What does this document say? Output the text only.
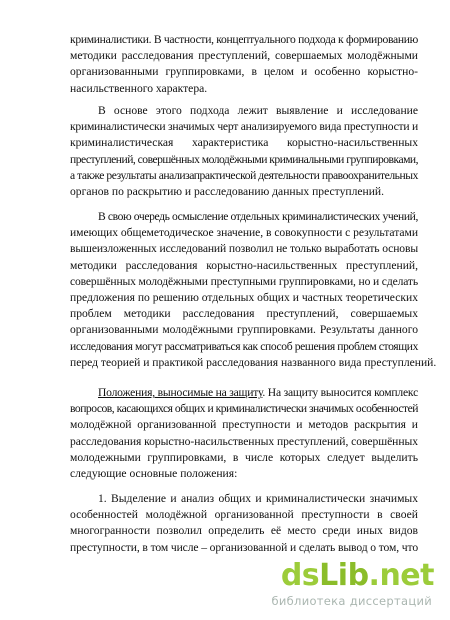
криминалистики. В частности, концептуального подхода к формированию
методики расследования преступлений, совершаемых молодёжными
организованными группировками, в целом и особенно корыстно-
насильственного характера.

В основе этого подхода лежит выявление и исследование
криминалистически значимых черт анализируемого вида преступности и
криминалистическая характеристика корыстно-насильственных
преступлений, совершённых молодёжными криминальными группировками,
а также результаты анализапрактической деятельности правоохранительных
органов по раскрытию и расследованию данных преступлений.

В свою очередь осмысление отдельных криминалистических учений,
имеющих общеметодическое значение, в совокупности с результатами
вышеизложенных исследований позволил не только выработать основы
методики расследования корыстно-насильственных преступлений,
совершённых молодёжными преступными группировками, но и сделать
предложения по решению отдельных общих и частных теоретических
проблем методики расследования преступлений, совершаемых
организованными молодёжными группировками. Результаты данного
исследования могут рассматриваться как способ решения проблем стоящих
перед теорией и практикой расследования названного вида преступлений.

Положения, выносимые на защиту. На защиту выносится комплекс
вопросов, касающихся общих и криминалистически значимых особенностей
молодёжной организованной преступности и методов раскрытия и
расследования корыстно-насильственных преступлений, совершённых
молодежными группировками, в числе которых следует выделить
следующие основные положения:

1. Выделение и анализ общих и криминалистически значимых
особенностей молодёжной организованной преступности в своей
многогранности позволил определить её место среди иных видов
преступности, в том числе – организованной и сделать вывод о том, что

dsLib.net
библиотека диссертаций
